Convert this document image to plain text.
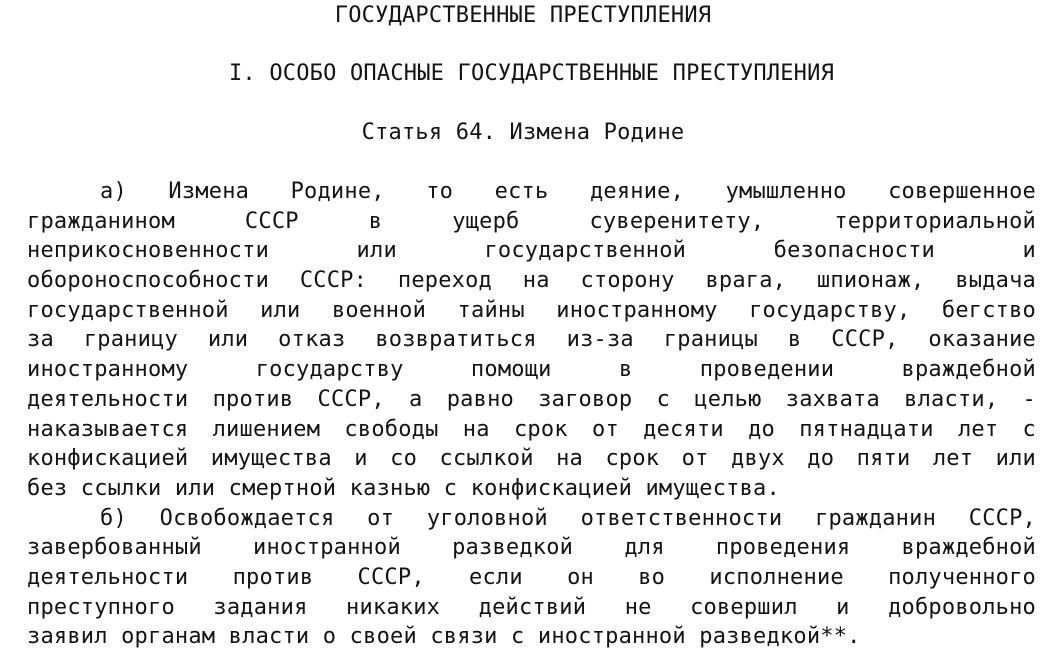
ГОСУДАРСТВЕННЫЕ ПРЕСТУПЛЕНИЯ
I. ОСОБО ОПАСНЫЕ ГОСУДАРСТВЕННЫЕ ПРЕСТУПЛЕНИЯ
Статья 64. Измена Родине
а) Измена Родине, то есть деяние, умышленно совершенное
гражданином СССР в ущерб суверенитету, территориальной
неприкосновенности или государственной безопасности и
обороноспособности СССР: переход на сторону врага, шпионаж, выдача
государственной или военной тайны иностранному государству, бегство
за границу или отказ возвратиться из-за границы в СССР, оказание
иностранному государству помощи в проведении враждебной
деятельности против СССР, а равно заговор с целью захвата власти, -
наказывается лишением свободы на срок от десяти до пятнадцати лет с
конфискацией имущества и со ссылкой на срок от двух до пяти лет или
без ссылки или смертной казнью с конфискацией имущества.
б) Освобождается от уголовной ответственности гражданин СССР,
завербованный иностранной разведкой для проведения враждебной
деятельности против СССР, если он во исполнение полученного
преступного задания никаких действий не совершил и добровольно
заявил органам власти о своей связи с иностранной разведкой**.
